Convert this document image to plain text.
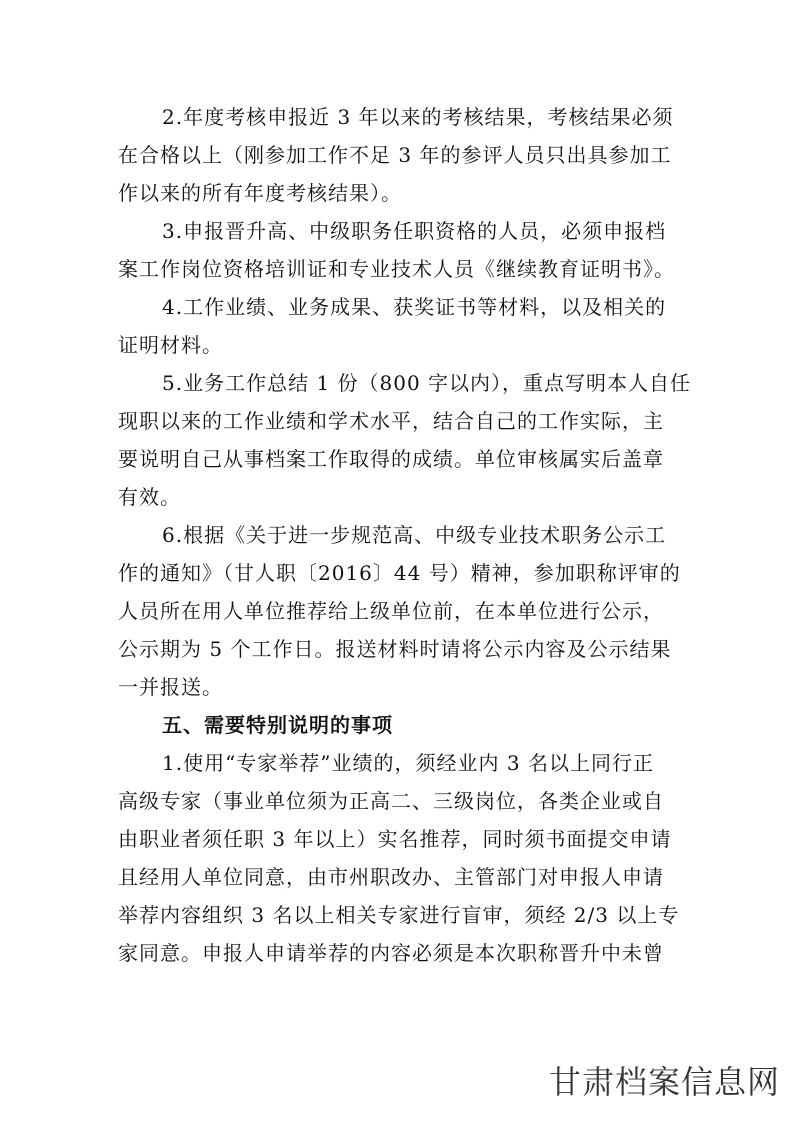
2.年度考核申报近 3 年以来的考核结果，考核结果必须
在合格以上（刚参加工作不足 3 年的参评人员只出具参加工
作以来的所有年度考核结果）。

3.申报晋升高、中级职务任职资格的人员，必须申报档
案工作岗位资格培训证和专业技术人员《继续教育证明书》。

4.工作业绩、业务成果、获奖证书等材料，以及相关的
证明材料。

5.业务工作总结 1 份（800 字以内），重点写明本人自任
现职以来的工作业绩和学术水平，结合自己的工作实际，主
要说明自己从事档案工作取得的成绩。单位审核属实后盖章
有效。

6.根据《关于进一步规范高、中级专业技术职务公示工
作的通知》（甘人职〔2016〕44 号）精神，参加职称评审的
人员所在用人单位推荐给上级单位前，在本单位进行公示，
公示期为 5 个工作日。报送材料时请将公示内容及公示结果
一并报送。

五、需要特别说明的事项

1.使用“专家举荐”业绩的，须经业内 3 名以上同行正
高级专家（事业单位须为正高二、三级岗位，各类企业或自
由职业者须任职 3 年以上）实名推荐，同时须书面提交申请
且经用人单位同意，由市州职改办、主管部门对申报人申请
举荐内容组织 3 名以上相关专家进行盲审，须经 2/3 以上专
家同意。申报人申请举荐的内容必须是本次职称晋升中未曾

甘肃档案信息网
